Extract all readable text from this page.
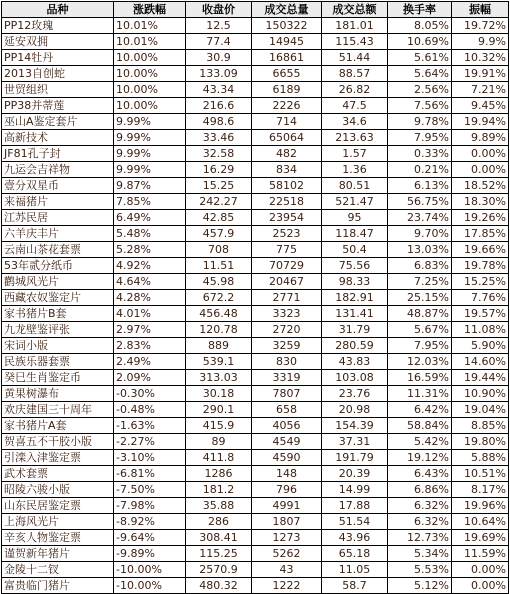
品种	涨跌幅	收盘价	成交总量	成交总额	换手率	振幅
PP12玫瑰	10.01%	12.5	150322	181.01	8.05%	19.72%
延安双拥	10.01%	77.4	14945	115.43	10.69%	9.9%
PP14牡丹	10.00%	30.9	16861	51.44	5.61%	10.32%
2013自创蛇	10.00%	133.09	6655	88.57	5.64%	19.91%
世贸组织	10.00%	43.34	6189	26.82	2.56%	7.21%
PP38并蒂莲	10.00%	216.6	2226	47.5	7.56%	9.45%
巫山A鉴定套片	9.99%	498.6	714	34.6	9.78%	19.94%
高新技术	9.99%	33.46	65064	213.63	7.95%	9.89%
JF81孔子封	9.99%	32.58	482	1.57	0.33%	0.00%
九运会吉祥物	9.99%	16.29	834	1.36	0.21%	0.00%
壹分双星币	9.87%	15.25	58102	80.51	6.13%	18.52%
来福猪片	7.85%	242.27	22518	521.47	56.75%	18.30%
江苏民居	6.49%	42.85	23954	95	23.74%	19.26%
六羊庆丰片	5.48%	457.9	2523	118.47	9.70%	17.85%
云南山茶花套票	5.28%	708	775	50.4	13.03%	19.66%
53年贰分纸币	4.92%	11.51	70729	75.56	6.83%	19.78%
鹳城风光片	4.64%	45.98	20467	98.33	7.25%	15.25%
西藏农奴鉴定片	4.28%	672.2	2771	182.91	25.15%	7.76%
家书猪片B套	4.01%	456.48	3323	131.41	48.87%	19.57%
九龙壁鉴评张	2.97%	120.78	2720	31.79	5.67%	11.08%
宋词小版	2.83%	889	3259	280.59	7.95%	5.90%
民族乐器套票	2.49%	539.1	830	43.83	12.03%	14.60%
癸巳生肖鉴定币	2.09%	313.03	3319	103.08	16.59%	19.44%
黄果树瀑布	-0.30%	30.18	7807	23.76	11.31%	10.90%
欢庆建国三十周年	-0.48%	290.1	658	20.98	6.42%	19.04%
家书猪片A套	-1.63%	415.9	4056	154.39	58.84%	8.85%
贺喜五不干胶小版	-2.27%	89	4549	37.31	5.42%	19.80%
引滦入津鉴定票	-3.10%	411.8	4590	191.79	19.12%	5.88%
武术套票	-6.81%	1286	148	20.39	6.43%	10.51%
昭陵六骏小版	-7.50%	181.2	796	14.99	6.86%	8.17%
山东民居鉴定票	-7.98%	35.88	4991	17.88	6.32%	19.96%
上海风光片	-8.92%	286	1807	51.54	6.32%	10.64%
辛亥人物鉴定票	-9.64%	308.41	1273	43.96	12.73%	19.69%
谨贺新年猪片	-9.89%	115.25	5262	65.18	5.34%	11.59%
金陵十二钗	-10.00%	2570.9	43	11.05	5.53%	0.00%
富贵临门猪片	-10.00%	480.32	1222	58.7	5.12%	0.00%
